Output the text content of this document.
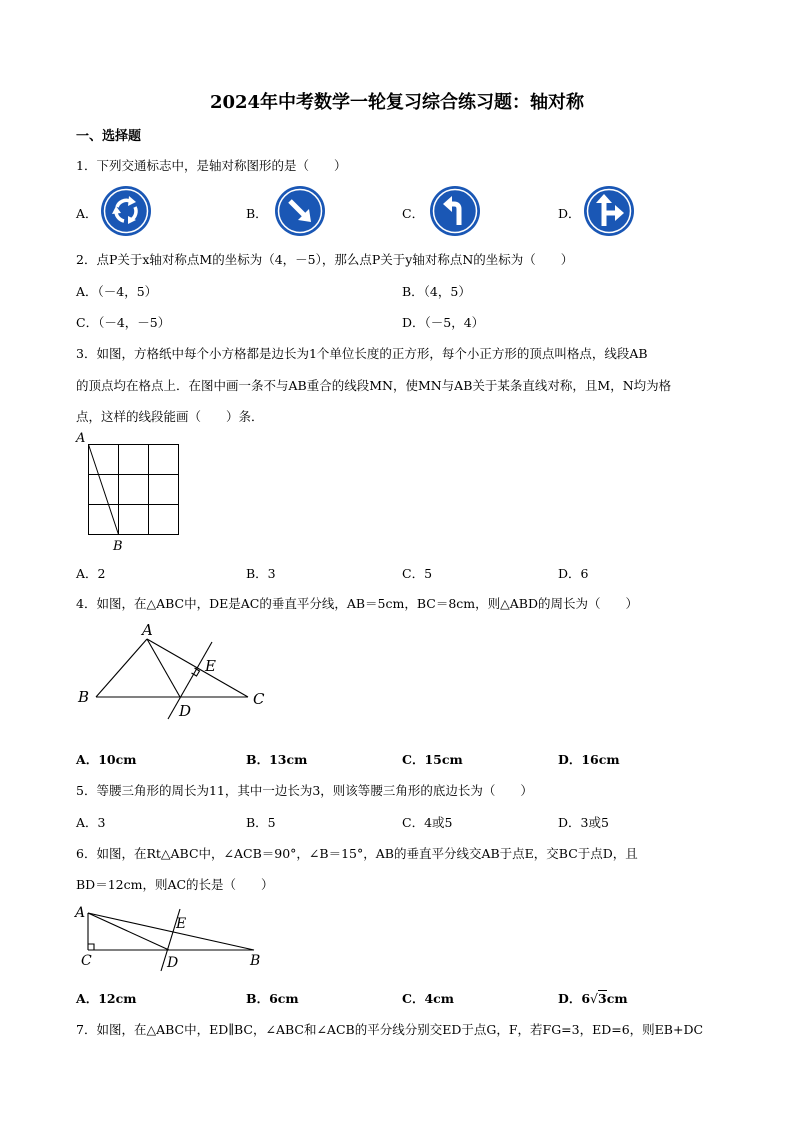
2024年中考数学一轮复习综合练习题：轴对称
一、选择题
1．下列交通标志中，是轴对称图形的是（　　）
A．	B．	C．	D．
2．点P关于x轴对称点M的坐标为（4，－5），那么点P关于y轴对称点N的坐标为（　　）
A．（－4，5）	B．（4，5）
C．（－4，－5）	D．（－5，4）
3．如图，方格纸中每个小方格都是边长为1个单位长度的正方形，每个小正方形的顶点叫格点，线段AB
的顶点均在格点上．在图中画一条不与AB重合的线段MN，使MN与AB关于某条直线对称，且M，N均为格
点，这样的线段能画（　　）条．
A
B
A．2	B．3	C．5	D．6
4．如图，在△ABC中，DE是AC的垂直平分线，AB＝5cm，BC＝8cm，则△ABD的周长为（　　）
A
B	C
D
E
A．10cm	B．13cm	C．15cm	D．16cm
5．等腰三角形的周长为11，其中一边长为3，则该等腰三角形的底边长为（　　）
A．3	B．5	C．4或5	D．3或5
6．如图，在Rt△ABC中，∠ACB＝90°，∠B＝15°，AB的垂直平分线交AB于点E，交BC于点D，且
BD＝12cm，则AC的长是（　　）
A
C	B
D
E
A．12cm	B．6cm	C．4cm	D．6√3cm
7．如图，在△ABC中，ED∥BC，∠ABC和∠ACB的平分线分别交ED于点G，F，若FG=3，ED=6，则EB+DC
